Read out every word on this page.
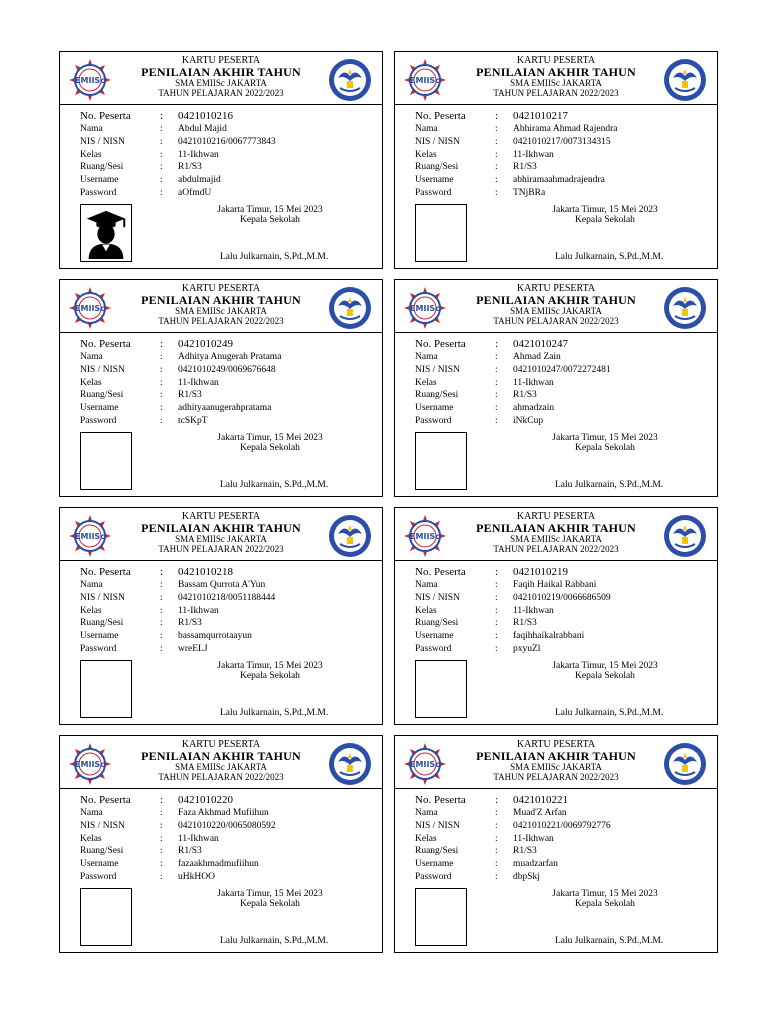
EMIISc
KARTU PESERTA
PENILAIAN AKHIR TAHUN
SMA EMIISc JAKARTA
TAHUN PELAJARAN 2022/2023
No. Peserta	:	0421010216
Nama	:	Abdul Majid
NIS / NISN	:	0421010216/0067773843
Kelas	:	11-Ikhwan
Ruang/Sesi	:	R1/S3
Username	:	abdulmajid
Password	:	aOfmdU
Jakarta Timur, 15 Mei 2023
Kepala Sekolah
Lalu Julkarnain, S.Pd.,M.M.
EMIISc
KARTU PESERTA
PENILAIAN AKHIR TAHUN
SMA EMIISc JAKARTA
TAHUN PELAJARAN 2022/2023
No. Peserta	:	0421010217
Nama	:	Abhirama Ahmad Rajendra
NIS / NISN	:	0421010217/0073134315
Kelas	:	11-Ikhwan
Ruang/Sesi	:	R1/S3
Username	:	abhiramaahmadrajendra
Password	:	TNjBRa
Jakarta Timur, 15 Mei 2023
Kepala Sekolah
Lalu Julkarnain, S.Pd.,M.M.
EMIISc
KARTU PESERTA
PENILAIAN AKHIR TAHUN
SMA EMIISc JAKARTA
TAHUN PELAJARAN 2022/2023
No. Peserta	:	0421010249
Nama	:	Adhitya Anugerah Pratama
NIS / NISN	:	0421010249/0069676648
Kelas	:	11-Ikhwan
Ruang/Sesi	:	R1/S3
Username	:	adhityaanugerahpratama
Password	:	tcSKpT
Jakarta Timur, 15 Mei 2023
Kepala Sekolah
Lalu Julkarnain, S.Pd.,M.M.
EMIISc
KARTU PESERTA
PENILAIAN AKHIR TAHUN
SMA EMIISc JAKARTA
TAHUN PELAJARAN 2022/2023
No. Peserta	:	0421010247
Nama	:	Ahmad Zain
NIS / NISN	:	0421010247/0072272481
Kelas	:	11-Ikhwan
Ruang/Sesi	:	R1/S3
Username	:	ahmadzain
Password	:	iNkCup
Jakarta Timur, 15 Mei 2023
Kepala Sekolah
Lalu Julkarnain, S.Pd.,M.M.
EMIISc
KARTU PESERTA
PENILAIAN AKHIR TAHUN
SMA EMIISc JAKARTA
TAHUN PELAJARAN 2022/2023
No. Peserta	:	0421010218
Nama	:	Bassam Qurrota A'Yun
NIS / NISN	:	0421010218/0051188444
Kelas	:	11-Ikhwan
Ruang/Sesi	:	R1/S3
Username	:	bassamqurrotaayun
Password	:	wreELJ
Jakarta Timur, 15 Mei 2023
Kepala Sekolah
Lalu Julkarnain, S.Pd.,M.M.
EMIISc
KARTU PESERTA
PENILAIAN AKHIR TAHUN
SMA EMIISc JAKARTA
TAHUN PELAJARAN 2022/2023
No. Peserta	:	0421010219
Nama	:	Faqih Haikal Rabbani
NIS / NISN	:	0421010219/0066686509
Kelas	:	11-Ikhwan
Ruang/Sesi	:	R1/S3
Username	:	faqihhaikalrabbani
Password	:	pxyuZl
Jakarta Timur, 15 Mei 2023
Kepala Sekolah
Lalu Julkarnain, S.Pd.,M.M.
EMIISc
KARTU PESERTA
PENILAIAN AKHIR TAHUN
SMA EMIISc JAKARTA
TAHUN PELAJARAN 2022/2023
No. Peserta	:	0421010220
Nama	:	Faza Akhmad Mufiihun
NIS / NISN	:	0421010220/0065080592
Kelas	:	11-Ikhwan
Ruang/Sesi	:	R1/S3
Username	:	fazaakhmadmufiihun
Password	:	uHkHOO
Jakarta Timur, 15 Mei 2023
Kepala Sekolah
Lalu Julkarnain, S.Pd.,M.M.
EMIISc
KARTU PESERTA
PENILAIAN AKHIR TAHUN
SMA EMIISc JAKARTA
TAHUN PELAJARAN 2022/2023
No. Peserta	:	0421010221
Nama	:	Muad'Z Arfan
NIS / NISN	:	0421010221/0069792776
Kelas	:	11-Ikhwan
Ruang/Sesi	:	R1/S3
Username	:	muadzarfan
Password	:	dbpSkj
Jakarta Timur, 15 Mei 2023
Kepala Sekolah
Lalu Julkarnain, S.Pd.,M.M.
